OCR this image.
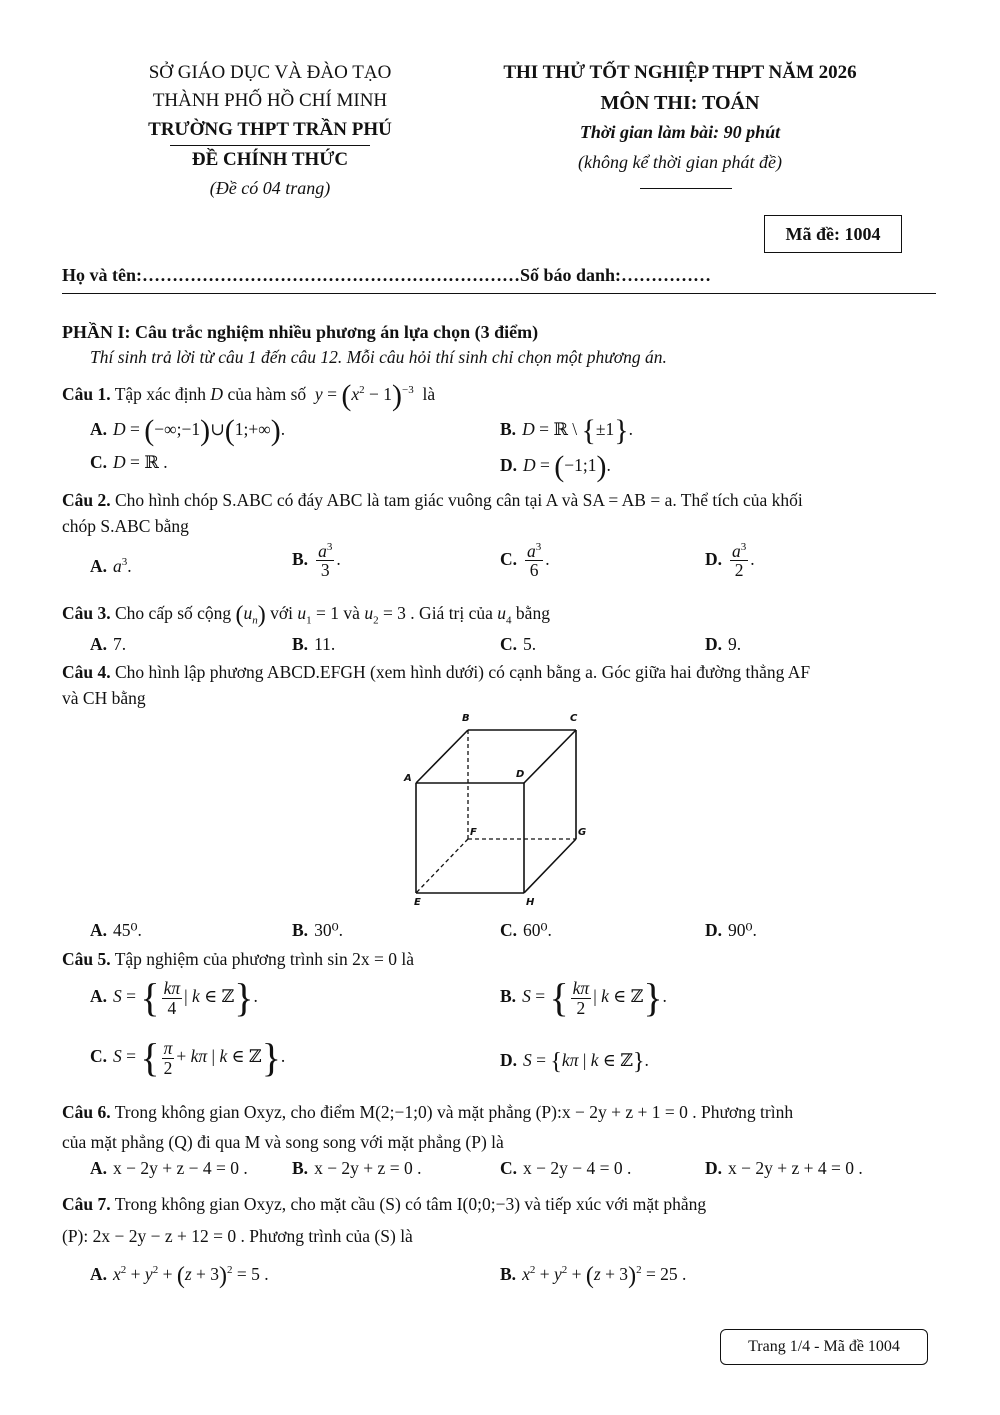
SỞ GIÁO DỤC VÀ ĐÀO TẠO
THÀNH PHỐ HỒ CHÍ MINH
TRƯỜNG THPT TRẦN PHÚ
ĐỀ CHÍNH THỨC
(Đề có 04 trang)
THI THỬ TỐT NGHIỆP THPT NĂM 2026
MÔN THI: TOÁN
Thời gian làm bài: 90 phút
(không kể thời gian phát đề)
Mã đề: 1004
Họ và tên:………………………………………………………Số báo danh:……………
PHẦN I: Câu trắc nghiệm nhiều phương án lựa chọn (3 điểm)
Thí sinh trả lời từ câu 1 đến câu 12. Mỗi câu hỏi thí sinh chỉ chọn một phương án.
Câu 1. Tập xác định D của hàm số $y = (x^2 - 1)^{-3}$ là
A. D = (−∞;−1)∪(1;+∞).	B. D = ℝ \ {±1}.
C. D = ℝ .	D. D = (−1;1).
Câu 2. Cho hình chóp S.ABC có đáy ABC là tam giác vuông cân tại A và SA = AB = a. Thể tích của khối
chóp S.ABC bằng
A. $a^3$.	B. $\frac{a^3}{3}$ .	C. $\frac{a^3}{6}$ .	D. $\frac{a^3}{2}$ .
Câu 3. Cho cấp số cộng $(u_n)$ với $u_1 = 1$ và $u_2 = 3$ . Giá trị của $u_4$ bằng
A. 7.	B. 11.	C. 5.	D. 9.
Câu 4. Cho hình lập phương ABCD.EFGH (xem hình dưới) có cạnh bằng a. Góc giữa hai đường thẳng AF
và CH bằng
B	C
A	D
F	G
E	H
A. 45⁰.	B. 30⁰.	C. 60⁰.	D. 90⁰.
Câu 5. Tập nghiệm của phương trình sin 2x = 0 là
A. S = { $\frac{k\pi}{4}$ | k ∈ ℤ}.	B. S = { $\frac{k\pi}{2}$ | k ∈ ℤ}.
C. S = { $\frac{\pi}{2} + k\pi$ | k ∈ ℤ}.	D. S = {kπ | k ∈ ℤ}.
Câu 6. Trong không gian Oxyz, cho điểm M(2;−1;0) và mặt phẳng (P):x − 2y + z + 1 = 0 . Phương trình
của mặt phẳng (Q) đi qua M và song song với mặt phẳng (P) là
A. x − 2y + z − 4 = 0 .	B. x − 2y + z = 0 .	C. x − 2y − 4 = 0 .	D. x − 2y + z + 4 = 0 .
Câu 7. Trong không gian Oxyz, cho mặt cầu (S) có tâm I(0;0;−3) và tiếp xúc với mặt phẳng
(P): 2x − 2y − z + 12 = 0 . Phương trình của (S) là
A. $x^2 + y^2 + (z + 3)^2 = 5$ .	B. $x^2 + y^2 + (z + 3)^2 = 25$ .
Trang 1/4 - Mã đề 1004
